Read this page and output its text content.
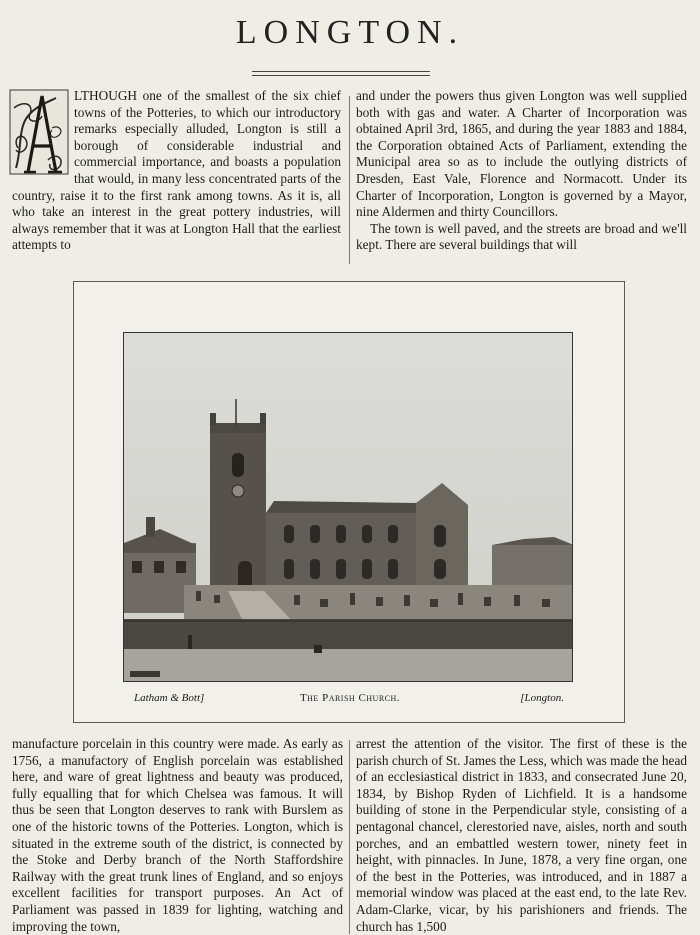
LONGTON.

LTHOUGH one of the smallest of the six chief towns of the Potteries, to which our introductory remarks especially alluded, Longton is still a borough of considerable industrial and commercial importance, and boasts a population that would, in many less concentrated parts of the country, raise it to the first rank among towns. As it is, all who take an interest in the great pottery industries, will always remember that it was at Longton Hall that the earliest attempts to

and under the powers thus given Longton was well supplied both with gas and water. A Charter of Incorporation was obtained April 3rd, 1865, and during the year 1883 and 1884, the Corporation obtained Acts of Parliament, extending the Municipal area so as to include the outlying districts of Dresden, East Vale, Florence and Normacott. Under its Charter of Incorporation, Longton is governed by a Mayor, nine Aldermen and thirty Councillors.

The town is well paved, and the streets are broad and we'll kept. There are several buildings that will

Latham & Bott]	The Parish Church.	[Longton.

manufacture porcelain in this country were made. As early as 1756, a manufactory of English porcelain was established here, and ware of great lightness and beauty was produced, fully equalling that for which Chelsea was famous. It will thus be seen that Longton deserves to rank with Burslem as one of the historic towns of the Potteries. Longton, which is situated in the extreme south of the district, is connected by the Stoke and Derby branch of the North Staffordshire Railway with the great trunk lines of England, and so enjoys excellent facilities for transport purposes. An Act of Parliament was passed in 1839 for lighting, watching and improving the town,

arrest the attention of the visitor. The first of these is the parish church of St. James the Less, which was made the head of an ecclesiastical district in 1833, and consecrated June 20, 1834, by Bishop Ryden of Lichfield. It is a handsome building of stone in the Perpendicular style, consisting of a pentagonal chancel, clerestoried nave, aisles, north and south porches, and an embattled western tower, ninety feet in height, with pinnacles. In June, 1878, a very fine organ, one of the best in the Potteries, was introduced, and in 1887 a memorial window was placed at the east end, to the late Rev. Adam-Clarke, vicar, by his parishioners and friends. The church has 1,500
